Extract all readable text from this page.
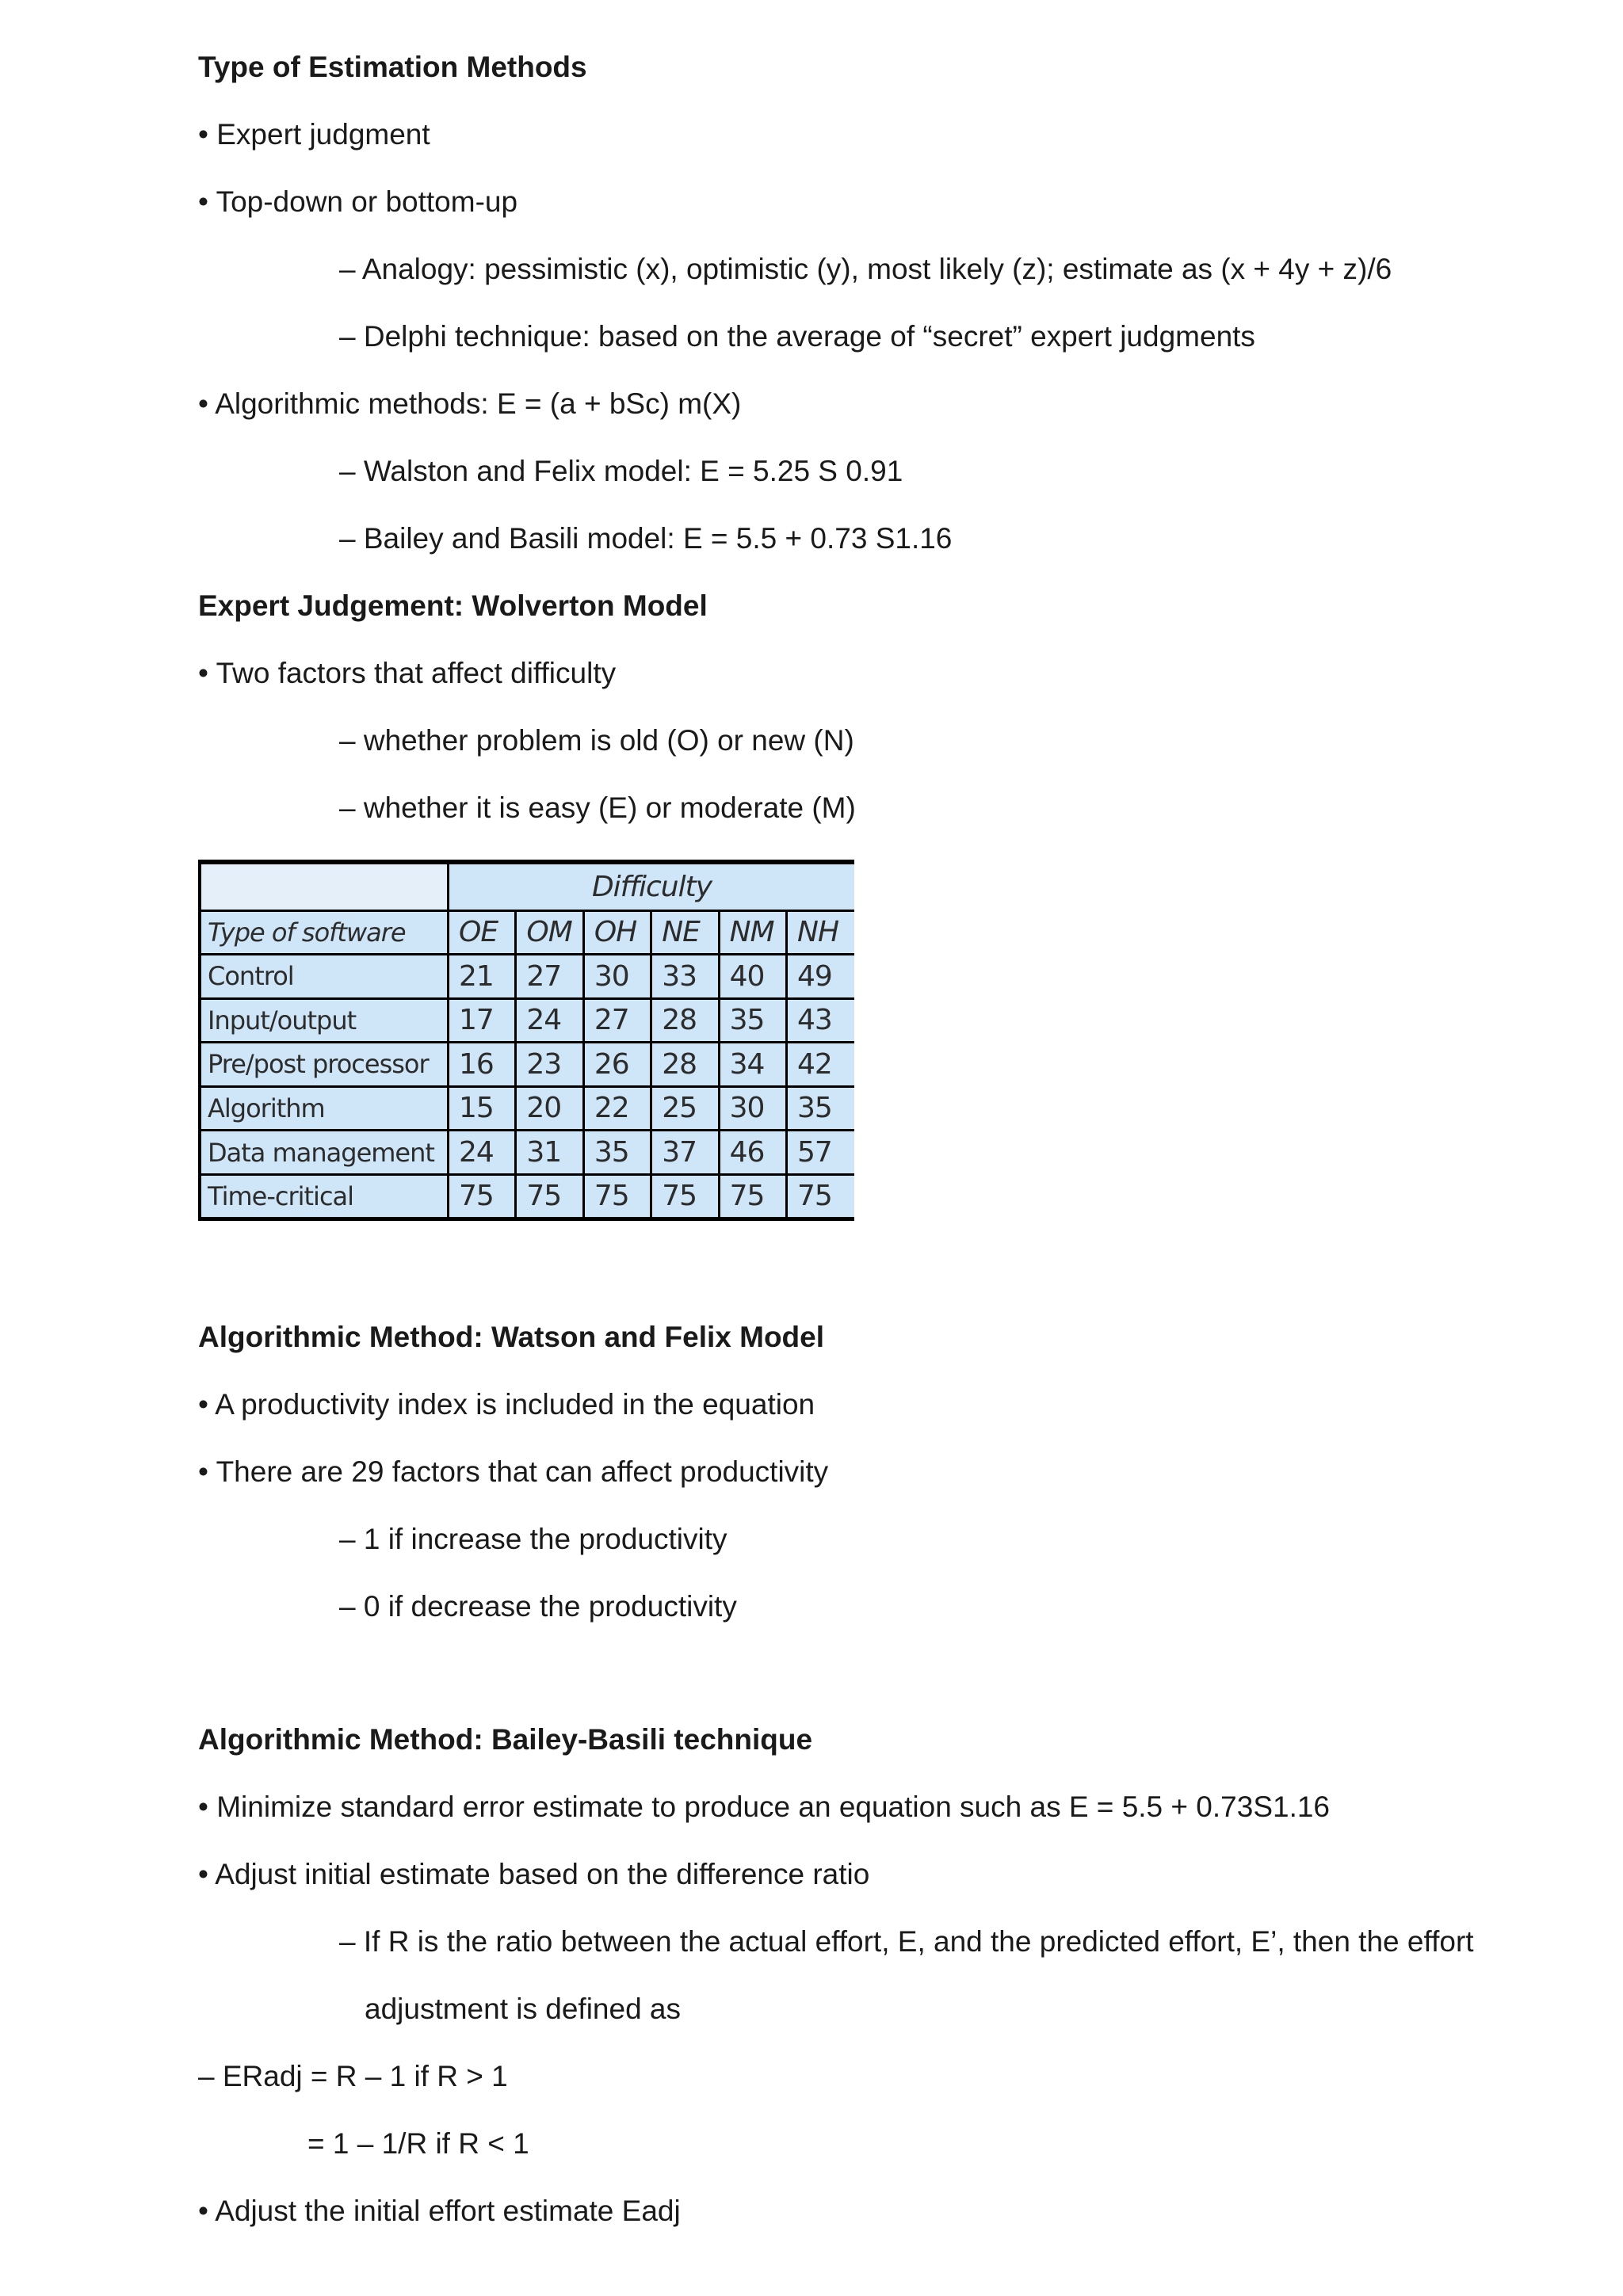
Type of Estimation Methods
• Expert judgment
• Top-down or bottom-up
– Analogy: pessimistic (x), optimistic (y), most likely (z); estimate as (x + 4y + z)/6
– Delphi technique: based on the average of “secret” expert judgments
• Algorithmic methods: E = (a + bSc) m(X)
– Walston and Felix model: E = 5.25 S 0.91
– Bailey and Basili model: E = 5.5 + 0.73 S1.16
Expert Judgement: Wolverton Model
• Two factors that affect difficulty
– whether problem is old (O) or new (N)
– whether it is easy (E) or moderate (M)
	Difficulty					
Type of software	OE	OM	OH	NE	NM	NH
Control	21	27	30	33	40	49
Input/output	17	24	27	28	35	43
Pre/post processor	16	23	26	28	34	42
Algorithm	15	20	22	25	30	35
Data management	24	31	35	37	46	57
Time-critical	75	75	75	75	75	75
Algorithmic Method: Watson and Felix Model
• A productivity index is included in the equation
• There are 29 factors that can affect productivity
– 1 if increase the productivity
– 0 if decrease the productivity
Algorithmic Method: Bailey-Basili technique
• Minimize standard error estimate to produce an equation such as E = 5.5 + 0.73S1.16
• Adjust initial estimate based on the difference ratio
– If R is the ratio between the actual effort, E, and the predicted effort, E’, then the effort
adjustment is defined as
– ERadj = R – 1 if R > 1
= 1 – 1/R if R < 1
• Adjust the initial effort estimate Eadj
